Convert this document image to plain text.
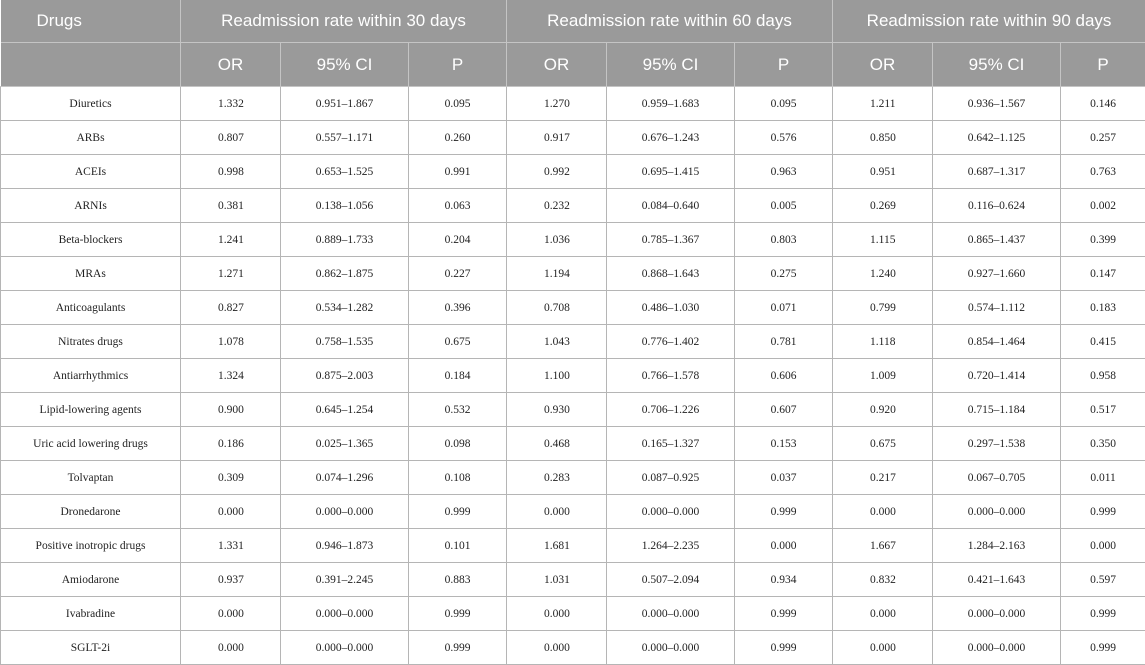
Drugs	Readmission rate within 30 days			Readmission rate within 60 days			Readmission rate within 90 days		
	OR	95% CI	P	OR	95% CI	P	OR	95% CI	P
Diuretics	1.332	0.951–1.867	0.095	1.270	0.959–1.683	0.095	1.211	0.936–1.567	0.146
ARBs	0.807	0.557–1.171	0.260	0.917	0.676–1.243	0.576	0.850	0.642–1.125	0.257
ACEIs	0.998	0.653–1.525	0.991	0.992	0.695–1.415	0.963	0.951	0.687–1.317	0.763
ARNIs	0.381	0.138–1.056	0.063	0.232	0.084–0.640	0.005	0.269	0.116–0.624	0.002
Beta-blockers	1.241	0.889–1.733	0.204	1.036	0.785–1.367	0.803	1.115	0.865–1.437	0.399
MRAs	1.271	0.862–1.875	0.227	1.194	0.868–1.643	0.275	1.240	0.927–1.660	0.147
Anticoagulants	0.827	0.534–1.282	0.396	0.708	0.486–1.030	0.071	0.799	0.574–1.112	0.183
Nitrates drugs	1.078	0.758–1.535	0.675	1.043	0.776–1.402	0.781	1.118	0.854–1.464	0.415
Antiarrhythmics	1.324	0.875–2.003	0.184	1.100	0.766–1.578	0.606	1.009	0.720–1.414	0.958
Lipid-lowering agents	0.900	0.645–1.254	0.532	0.930	0.706–1.226	0.607	0.920	0.715–1.184	0.517
Uric acid lowering drugs	0.186	0.025–1.365	0.098	0.468	0.165–1.327	0.153	0.675	0.297–1.538	0.350
Tolvaptan	0.309	0.074–1.296	0.108	0.283	0.087–0.925	0.037	0.217	0.067–0.705	0.011
Dronedarone	0.000	0.000–0.000	0.999	0.000	0.000–0.000	0.999	0.000	0.000–0.000	0.999
Positive inotropic drugs	1.331	0.946–1.873	0.101	1.681	1.264–2.235	0.000	1.667	1.284–2.163	0.000
Amiodarone	0.937	0.391–2.245	0.883	1.031	0.507–2.094	0.934	0.832	0.421–1.643	0.597
Ivabradine	0.000	0.000–0.000	0.999	0.000	0.000–0.000	0.999	0.000	0.000–0.000	0.999
SGLT-2i	0.000	0.000–0.000	0.999	0.000	0.000–0.000	0.999	0.000	0.000–0.000	0.999
